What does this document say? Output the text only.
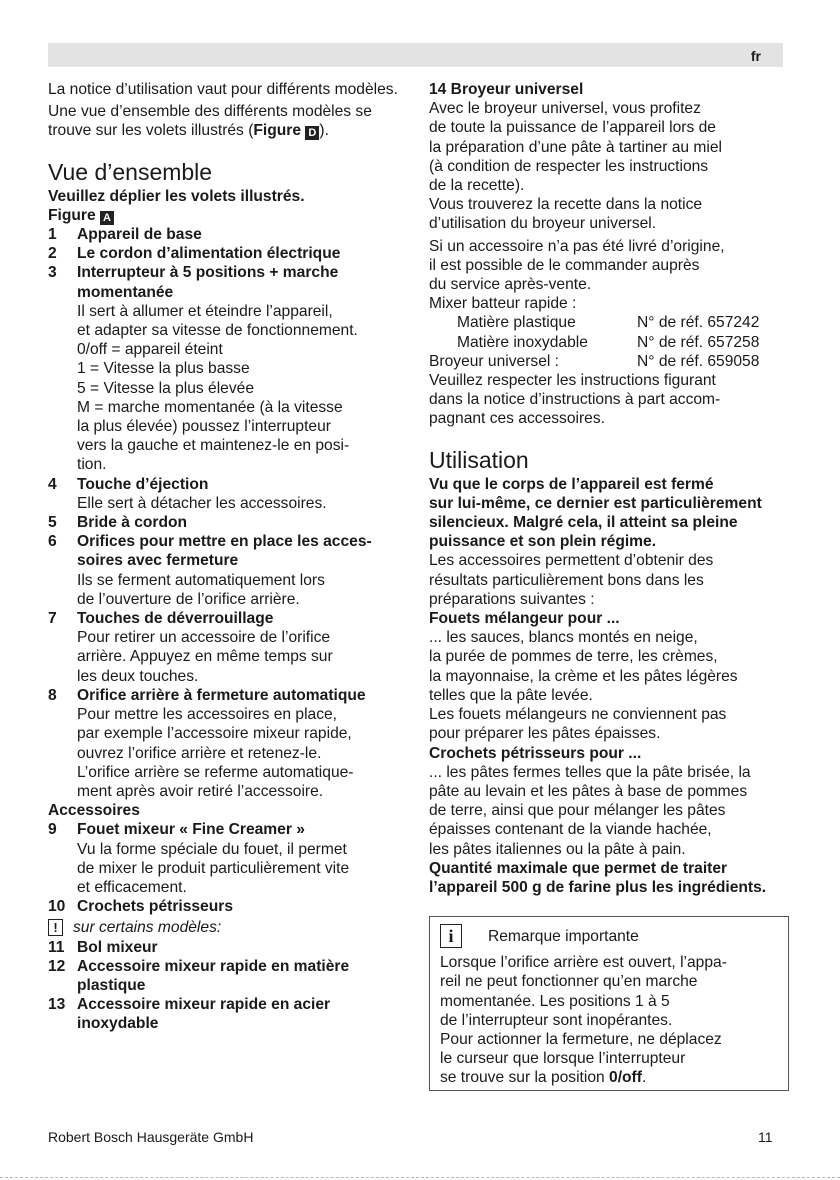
fr

La notice d’utilisation vaut pour différents modèles.

Une vue d’ensemble des différents modèles se trouve sur les volets illustrés (Figure D ).

Vue d’ensemble

Veuillez déplier les volets illustrés.

Figure A

1	Appareil de base
2	Le cordon d’alimentation électrique
3	Interrupteur à 5 positions + marche momentanée

Il sert à allumer et éteindre l’appareil,

et adapter sa vitesse de fonctionnement.

0/off = appareil éteint

1 = Vitesse la plus basse

5 = Vitesse la plus élevée

M = marche momentanée (à la vitesse

la plus élevée) poussez l’interrupteur

vers la gauche et maintenez-le en posi-

tion.

4	Touche d’éjection

Elle sert à détacher les accessoires.

5	Bride à cordon
6	Orifices pour mettre en place les acces- soires avec fermeture

Ils se ferment automatiquement lors

de l’ouverture de l’orifice arrière.

7	Touches de déverrouillage

Pour retirer un accessoire de l’orifice

arrière. Appuyez en même temps sur

les deux touches.

8	Orifice arrière à fermeture automatique

Pour mettre les accessoires en place,

par exemple l’accessoire mixeur rapide,

ouvrez l’orifice arrière et retenez-le.

L’orifice arrière se referme automatique-

ment après avoir retiré l’accessoire.

Accessoires

9	Fouet mixeur « Fine Creamer »

Vu la forme spéciale du fouet, il permet

de mixer le produit particulièrement vite

et efficacement.

10 Crochets pétrisseurs
! sur certains modèles:
11 Bol mixeur
12 Accessoire mixeur rapide en matière plastique
13 Accessoire mixeur rapide en acier inoxydable

14 Broyeur universel

Avec le broyeur universel, vous profitez

de toute la puissance de l’appareil lors de

la préparation d’une pâte à tartiner au miel

(à condition de respecter les instructions

de la recette).

Vous trouverez la recette dans la notice

d’utilisation du broyeur universel.

Si un accessoire n’a pas été livré d’origine,

il est possible de le commander auprès

du service après-vente.

Mixer batteur rapide :

Matière plastique	N° de réf. 657242
Matière inoxydable	N° de réf. 657258
Broyeur universel :	N° de réf. 659058

Veuillez respecter les instructions figurant

dans la notice d’instructions à part accom-

pagnant ces accessoires.

Utilisation

Vu que le corps de l’appareil est fermé

sur lui-même, ce dernier est particulièrement

silencieux. Malgré cela, il atteint sa pleine

puissance et son plein régime.

Les accessoires permettent d’obtenir des

résultats particulièrement bons dans les

préparations suivantes :

Fouets mélangeur pour ...

... les sauces, blancs montés en neige,

la purée de pommes de terre, les crèmes,

la mayonnaise, la crème et les pâtes légères

telles que la pâte levée.

Les fouets mélangeurs ne conviennent pas

pour préparer les pâtes épaisses.

Crochets pétrisseurs pour ...

... les pâtes fermes telles que la pâte brisée, la

pâte au levain et les pâtes à base de pommes

de terre, ainsi que pour mélanger les pâtes

épaisses contenant de la viande hachée,

les pâtes italiennes ou la pâte à pain.

Quantité maximale que permet de traiter

l’appareil 500 g de farine plus les ingrédients.

i	Remarque importante

Lorsque l’orifice arrière est ouvert, l’appa-

reil ne peut fonctionner qu’en marche

momentanée. Les positions 1 à 5

de l’interrupteur sont inopérantes.

Pour actionner la fermeture, ne déplacez

le curseur que lorsque l’interrupteur

se trouve sur la position 0/off.

Robert Bosch Hausgeräte GmbH	11
